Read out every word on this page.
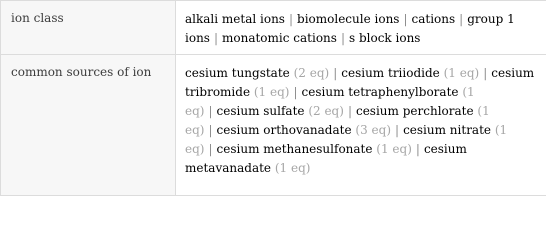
ion class	alkali metal ions | biomolecule ions | cations | group 1 ions | monatomic cations | s block ions

common sources of ion	cesium tungstate (2 eq) | cesium triiodide (1 eq) | cesium tribromide (1 eq) | cesium tetraphenylborate (1 eq) | cesium sulfate (2 eq) | cesium perchlorate (1 eq) | cesium orthovanadate (3 eq) | cesium nitrate (1 eq) | cesium methanesulfonate (1 eq) | cesium metavanadate (1 eq)
